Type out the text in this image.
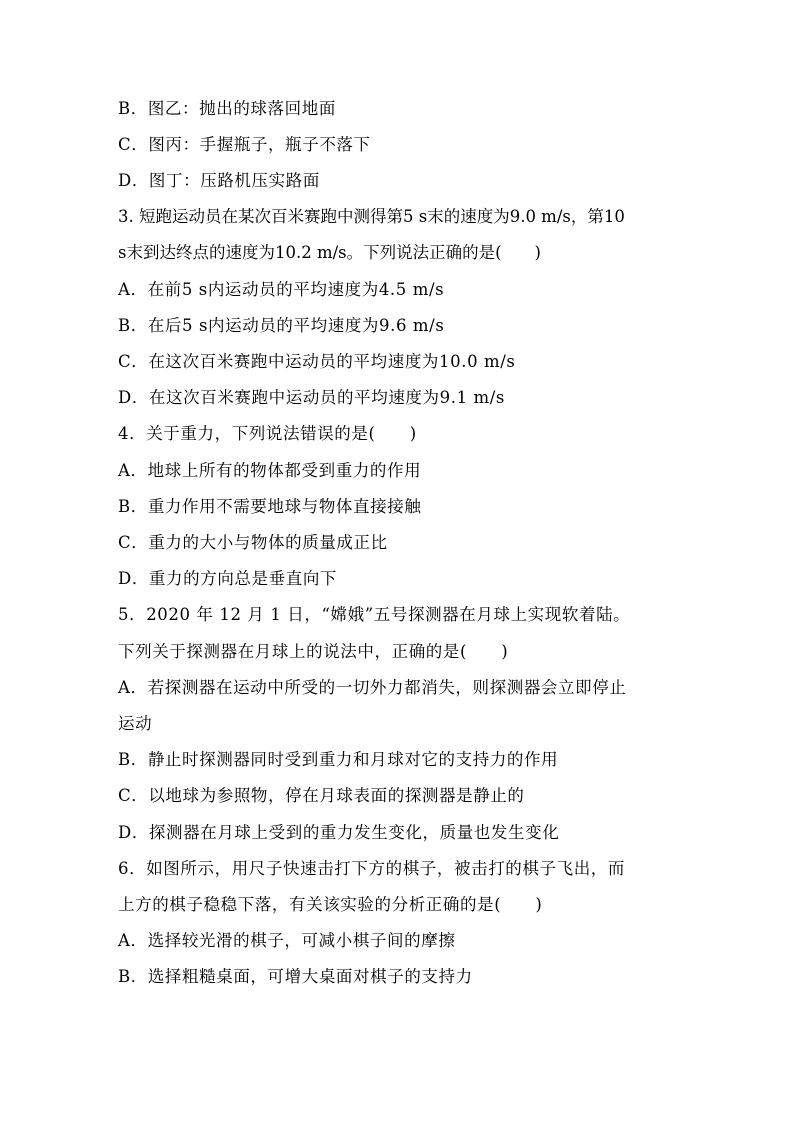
B．图乙：抛出的球落回地面
C．图丙：手握瓶子，瓶子不落下
D．图丁：压路机压实路面
3. 短跑运动员在某次百米赛跑中测得第5 s末的速度为9.0 m/s，第10
s末到达终点的速度为10.2 m/s。下列说法正确的是(　　)
A．在前5 s内运动员的平均速度为4.5 m/s
B．在后5 s内运动员的平均速度为9.6 m/s
C．在这次百米赛跑中运动员的平均速度为10.0 m/s
D．在这次百米赛跑中运动员的平均速度为9.1 m/s
4．关于重力，下列说法错误的是(　　)
A．地球上所有的物体都受到重力的作用
B．重力作用不需要地球与物体直接接触
C．重力的大小与物体的质量成正比
D．重力的方向总是垂直向下
5．2020 年 12 月 1 日，“嫦娥”五号探测器在月球上实现软着陆。
下列关于探测器在月球上的说法中，正确的是(　　)
A．若探测器在运动中所受的一切外力都消失，则探测器会立即停止
运动
B．静止时探测器同时受到重力和月球对它的支持力的作用
C．以地球为参照物，停在月球表面的探测器是静止的
D．探测器在月球上受到的重力发生变化，质量也发生变化
6．如图所示，用尺子快速击打下方的棋子，被击打的棋子飞出，而
上方的棋子稳稳下落，有关该实验的分析正确的是(　　)
A．选择较光滑的棋子，可减小棋子间的摩擦
B．选择粗糙桌面，可增大桌面对棋子的支持力
